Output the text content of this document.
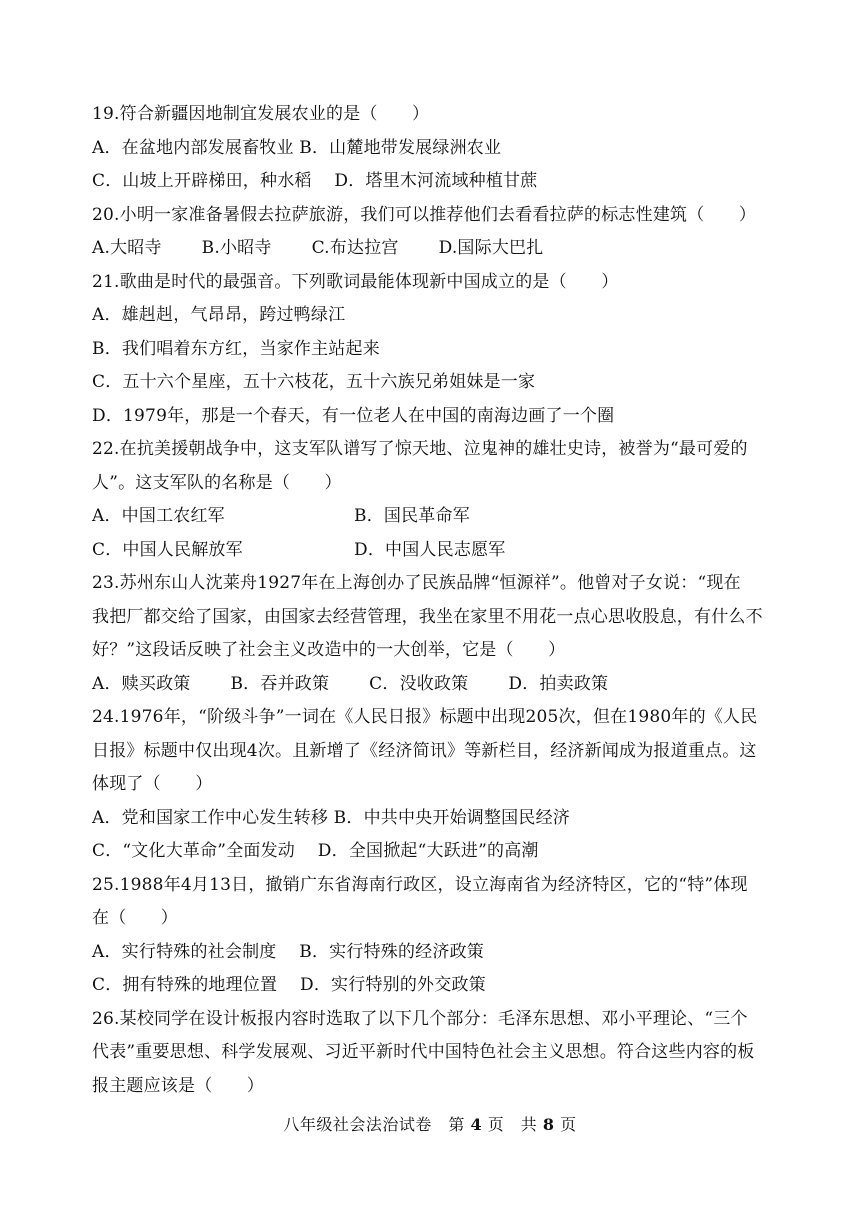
19.符合新疆因地制宜发展农业的是（　　）
A．在盆地内部发展畜牧业 B．山麓地带发展绿洲农业
C．山坡上开辟梯田，种水稻　 D．塔里木河流域种植甘蔗
20.小明一家准备暑假去拉萨旅游，我们可以推荐他们去看看拉萨的标志性建筑（　　）
A.大昭寺　　 B.小昭寺　　 C.布达拉宫　　 D.国际大巴扎
21.歌曲是时代的最强音。下列歌词最能体现新中国成立的是（　　）
A．雄赳赳，气昂昂，跨过鸭绿江
B．我们唱着东方红，当家作主站起来
C．五十六个星座，五十六枝花，五十六族兄弟姐妹是一家
D．1979年，那是一个春天，有一位老人在中国的南海边画了一个圈
22.在抗美援朝战争中，这支军队谱写了惊天地、泣鬼神的雄壮史诗，被誉为“最可爱的
人”。这支军队的名称是（　　）
A．中国工农红军	B．国民革命军
C．中国人民解放军	D．中国人民志愿军
23.苏州东山人沈莱舟1927年在上海创办了民族品牌“恒源祥”。他曾对子女说：“现在
我把厂都交给了国家，由国家去经营管理，我坐在家里不用花一点心思收股息，有什么不
好？”这段话反映了社会主义改造中的一大创举，它是（　　）
A．赎买政策　　 B．吞并政策　　 C．没收政策　　 D．拍卖政策
24.1976年，“阶级斗争”一词在《人民日报》标题中出现205次，但在1980年的《人民
日报》标题中仅出现4次。且新增了《经济简讯》等新栏目，经济新闻成为报道重点。这
体现了（　　）
A．党和国家工作中心发生转移 B．中共中央开始调整国民经济
C．“文化大革命”全面发动　 D．全国掀起“大跃进”的高潮
25.1988年4月13日，撤销广东省海南行政区，设立海南省为经济特区，它的“特”体现
在（　　）
A．实行特殊的社会制度　 B．实行特殊的经济政策
C．拥有特殊的地理位置　 D．实行特别的外交政策
26.某校同学在设计板报内容时选取了以下几个部分：毛泽东思想、邓小平理论、“三个
代表”重要思想、科学发展观、习近平新时代中国特色社会主义思想。符合这些内容的板
报主题应该是（　　）
八年级社会法治试卷　第 4 页　共 8 页
